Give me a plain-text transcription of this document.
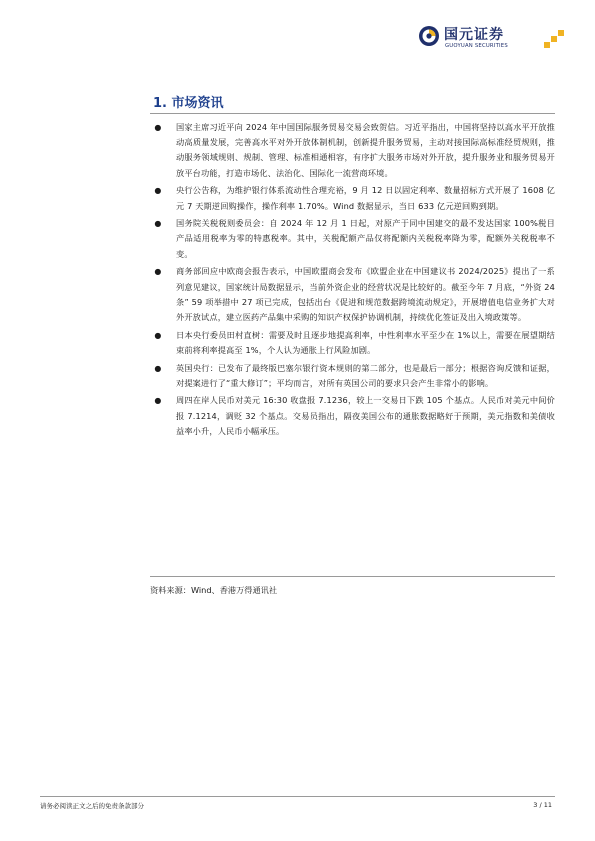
国元证券
GUOYUAN SECURITIES
1. 市场资讯
● 国家主席习近平向 2024 年中国国际服务贸易交易会致贺信。习近平指出，中国将坚持以高水平开放推动高质量发展，完善高水平对外开放体制机制，创新提升服务贸易，主动对接国际高标准经贸规则，推动服务领域规则、规制、管理、标准相通相容，有序扩大服务市场对外开放，提升服务业和服务贸易开放平台功能，打造市场化、法治化、国际化一流营商环境。
● 央行公告称，为维护银行体系流动性合理充裕，9 月 12 日以固定利率、数量招标方式开展了 1608 亿元 7 天期逆回购操作，操作利率 1.70%。Wind 数据显示，当日 633 亿元逆回购到期。
● 国务院关税税则委员会：自 2024 年 12 月 1 日起，对原产于同中国建交的最不发达国家 100%税目产品适用税率为零的特惠税率。其中，关税配额产品仅将配额内关税税率降为零，配额外关税税率不变。
● 商务部回应中欧商会报告表示，中国欧盟商会发布《欧盟企业在中国建议书 2024/2025》提出了一系列意见建议，国家统计局数据显示，当前外资企业的经营状况是比较好的。截至今年 7 月底，“外资 24 条” 59 项举措中 27 项已完成，包括出台《促进和规范数据跨境流动规定》，开展增值电信业务扩大对外开放试点，建立医药产品集中采购的知识产权保护协调机制，持续优化签证及出入境政策等。
● 日本央行委员田村直树：需要及时且逐步地提高利率，中性利率水平至少在 1%以上，需要在展望期结束前将利率提高至 1%，个人认为通胀上行风险加剧。
● 英国央行：已发布了最终版巴塞尔银行资本规则的第二部分，也是最后一部分；根据咨询反馈和证据，对提案进行了“重大修订”；平均而言，对所有英国公司的要求只会产生非常小的影响。
● 周四在岸人民币对美元 16:30 收盘报 7.1236，较上一交易日下跌 105 个基点。人民币对美元中间价报 7.1214，调贬 32 个基点。交易员指出，隔夜美国公布的通胀数据略好于预期，美元指数和美债收益率小升，人民币小幅承压。
资料来源：Wind、香港万得通讯社
请务必阅读正文之后的免责条款部分	3 / 11
